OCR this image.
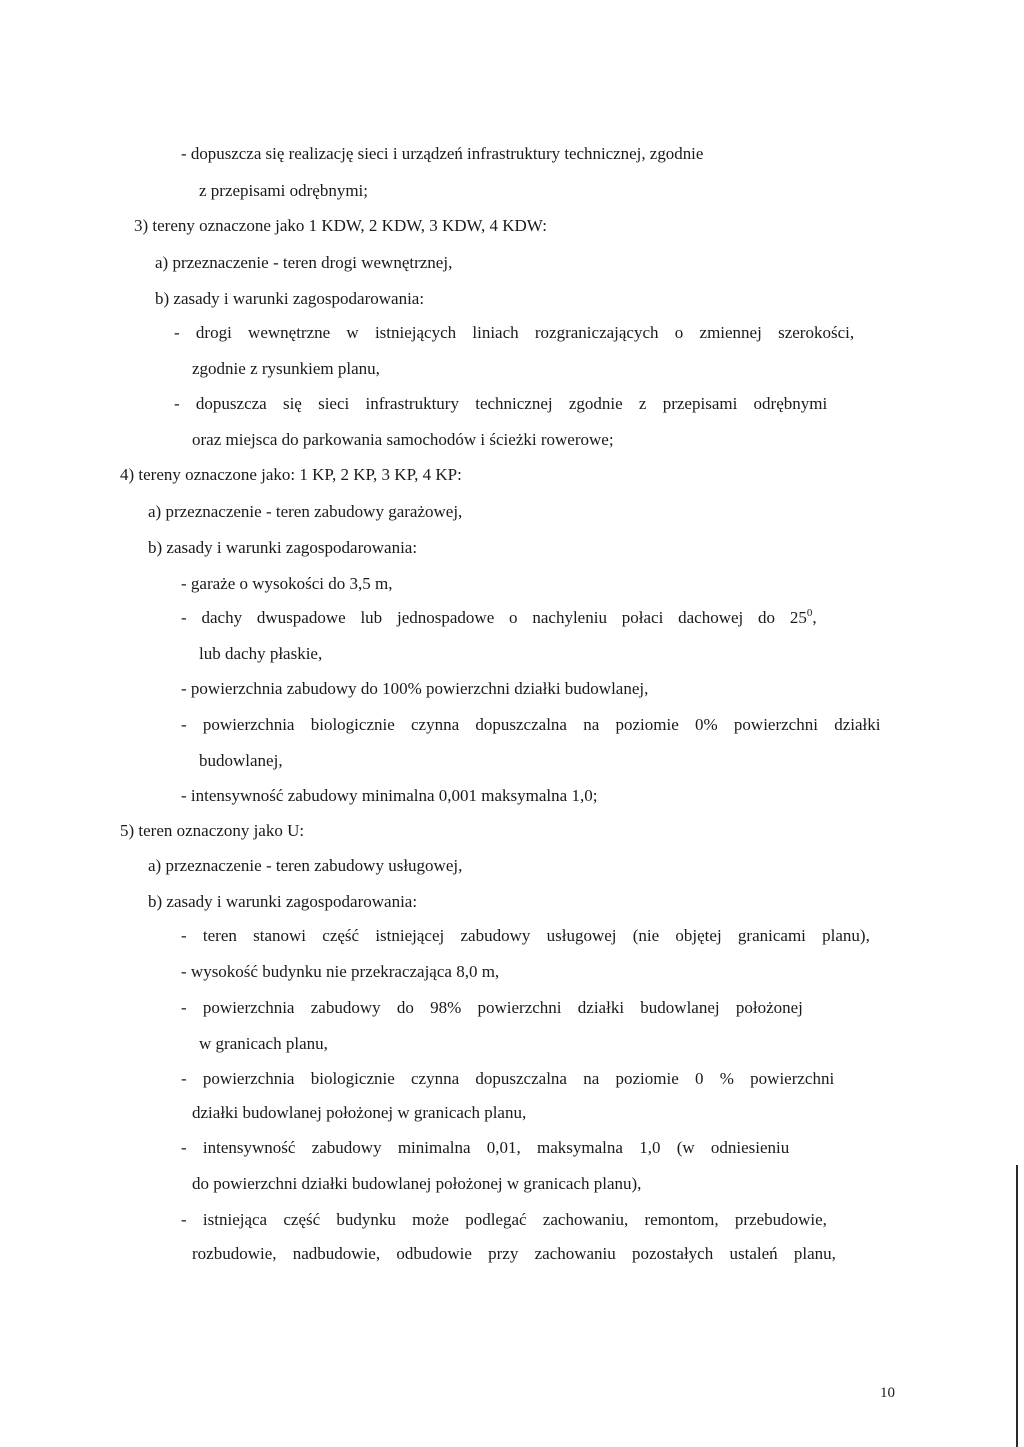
- dopuszcza się realizację sieci i urządzeń infrastruktury technicznej, zgodnie
z przepisami odrębnymi;
3) tereny oznaczone jako 1 KDW, 2 KDW, 3 KDW, 4 KDW:
a) przeznaczenie - teren drogi wewnętrznej,
b) zasady i warunki zagospodarowania:
- drogi wewnętrzne w istniejących liniach rozgraniczających o zmiennej szerokości,
zgodnie z rysunkiem planu,
- dopuszcza się sieci infrastruktury technicznej zgodnie z przepisami odrębnymi
oraz miejsca do parkowania samochodów i ścieżki rowerowe;
4) tereny oznaczone jako: 1 KP, 2 KP, 3 KP, 4 KP:
a) przeznaczenie - teren zabudowy garażowej,
b) zasady i warunki zagospodarowania:
- garaże o wysokości do 3,5 m,
- dachy dwuspadowe lub jednospadowe o nachyleniu połaci dachowej do $25^0$,
lub dachy płaskie,
- powierzchnia zabudowy do 100% powierzchni działki budowlanej,
- powierzchnia biologicznie czynna dopuszczalna na poziomie 0% powierzchni działki
budowlanej,
- intensywność zabudowy minimalna 0,001 maksymalna 1,0;
5) teren oznaczony jako U:
a) przeznaczenie - teren zabudowy usługowej,
b) zasady i warunki zagospodarowania:
- teren stanowi część istniejącej zabudowy usługowej (nie objętej granicami planu),
- wysokość budynku nie przekraczająca 8,0 m,
- powierzchnia zabudowy do 98% powierzchni działki budowlanej położonej
w granicach planu,
- powierzchnia biologicznie czynna dopuszczalna na poziomie 0 % powierzchni
działki budowlanej położonej w granicach planu,
- intensywność zabudowy minimalna 0,01, maksymalna 1,0 (w odniesieniu
do powierzchni działki budowlanej położonej w granicach planu),
- istniejąca część budynku może podlegać zachowaniu, remontom, przebudowie,
rozbudowie, nadbudowie, odbudowie przy zachowaniu pozostałych ustaleń planu,
10
